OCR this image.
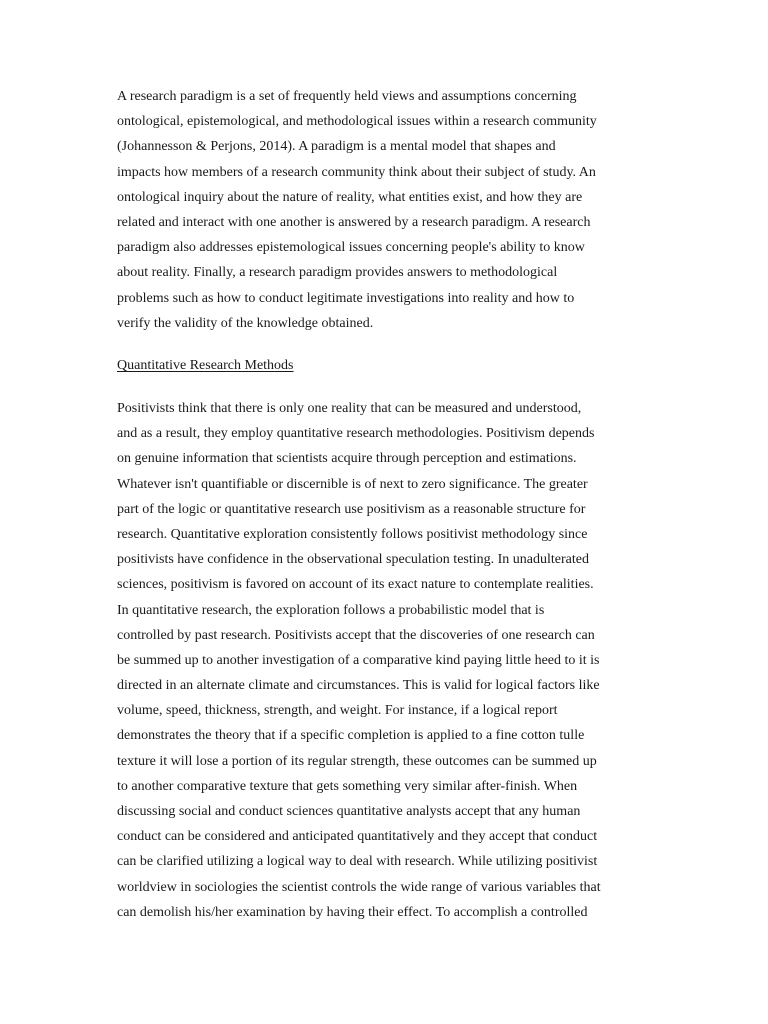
A research paradigm is a set of frequently held views and assumptions concerning
ontological, epistemological, and methodological issues within a research community
(Johannesson & Perjons, 2014). A paradigm is a mental model that shapes and
impacts how members of a research community think about their subject of study. An
ontological inquiry about the nature of reality, what entities exist, and how they are
related and interact with one another is answered by a research paradigm. A research
paradigm also addresses epistemological issues concerning people's ability to know
about reality. Finally, a research paradigm provides answers to methodological
problems such as how to conduct legitimate investigations into reality and how to
verify the validity of the knowledge obtained.
Quantitative Research Methods
Positivists think that there is only one reality that can be measured and understood,
and as a result, they employ quantitative research methodologies. Positivism depends
on genuine information that scientists acquire through perception and estimations.
Whatever isn't quantifiable or discernible is of next to zero significance. The greater
part of the logic or quantitative research use positivism as a reasonable structure for
research. Quantitative exploration consistently follows positivist methodology since
positivists have confidence in the observational speculation testing. In unadulterated
sciences, positivism is favored on account of its exact nature to contemplate realities.
In quantitative research, the exploration follows a probabilistic model that is
controlled by past research. Positivists accept that the discoveries of one research can
be summed up to another investigation of a comparative kind paying little heed to it is
directed in an alternate climate and circumstances. This is valid for logical factors like
volume, speed, thickness, strength, and weight. For instance, if a logical report
demonstrates the theory that if a specific completion is applied to a fine cotton tulle
texture it will lose a portion of its regular strength, these outcomes can be summed up
to another comparative texture that gets something very similar after-finish. When
discussing social and conduct sciences quantitative analysts accept that any human
conduct can be considered and anticipated quantitatively and they accept that conduct
can be clarified utilizing a logical way to deal with research. While utilizing positivist
worldview in sociologies the scientist controls the wide range of various variables that
can demolish his/her examination by having their effect. To accomplish a controlled
